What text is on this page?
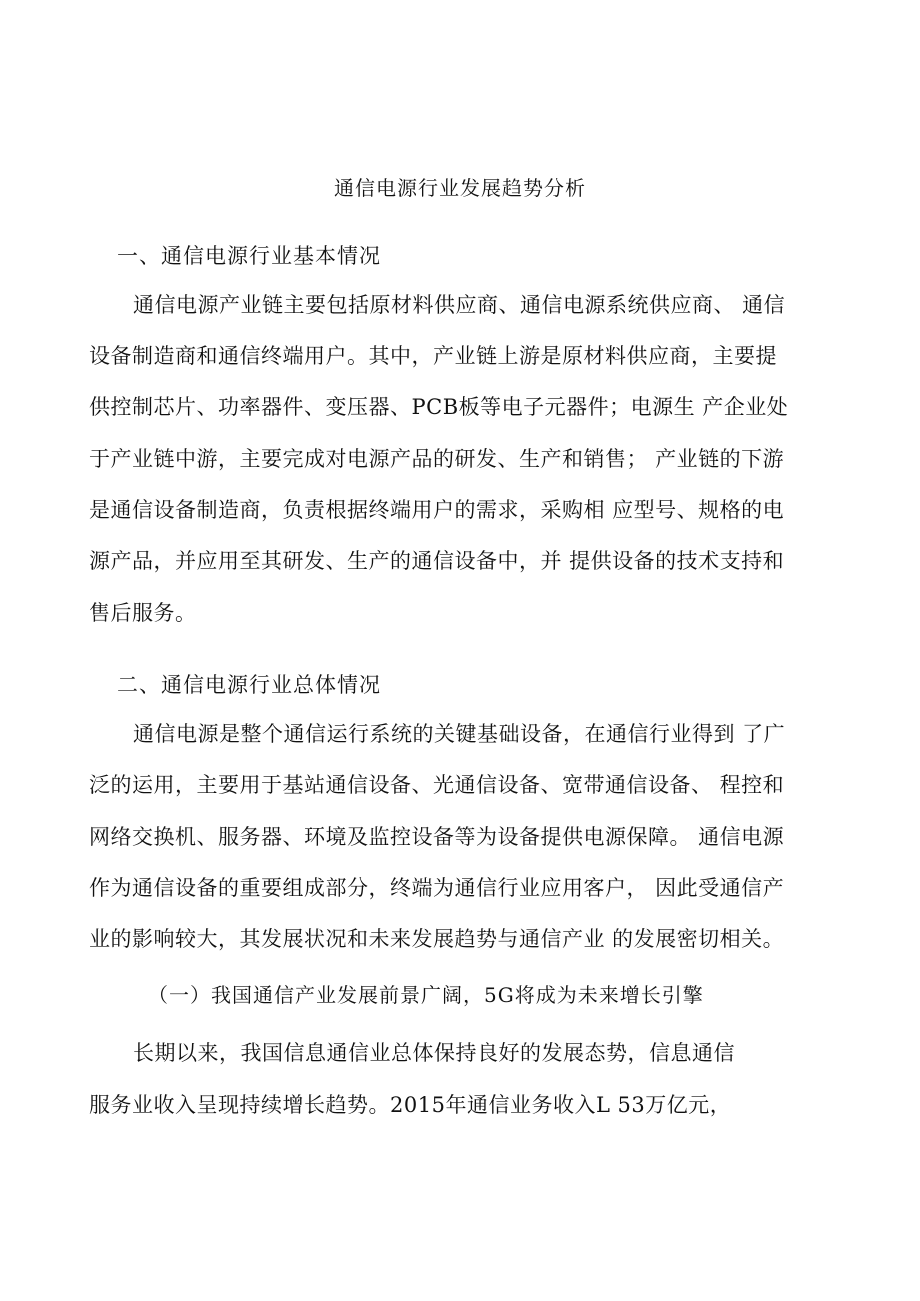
通信电源行业发展趋势分析
一、通信电源行业基本情况
通信电源产业链主要包括原材料供应商、通信电源系统供应商、 通信
设备制造商和通信终端用户。其中，产业链上游是原材料供应商，主要提
供控制芯片、功率器件、变压器、PCB板等电子元器件；电源生 产企业处
于产业链中游，主要完成对电源产品的研发、生产和销售； 产业链的下游
是通信设备制造商，负责根据终端用户的需求，采购相 应型号、规格的电
源产品，并应用至其研发、生产的通信设备中，并 提供设备的技术支持和
售后服务。
二、通信电源行业总体情况
通信电源是整个通信运行系统的关键基础设备，在通信行业得到 了广
泛的运用，主要用于基站通信设备、光通信设备、宽带通信设备、 程控和
网络交换机、服务器、环境及监控设备等为设备提供电源保障。 通信电源
作为通信设备的重要组成部分，终端为通信行业应用客户， 因此受通信产
业的影响较大，其发展状况和未来发展趋势与通信产业 的发展密切相关。
（一）我国通信产业发展前景广阔，5G将成为未来增长引擎
长期以来，我国信息通信业总体保持良好的发展态势，信息通信
服务业收入呈现持续增长趋势。2015年通信业务收入L 53万亿元，
